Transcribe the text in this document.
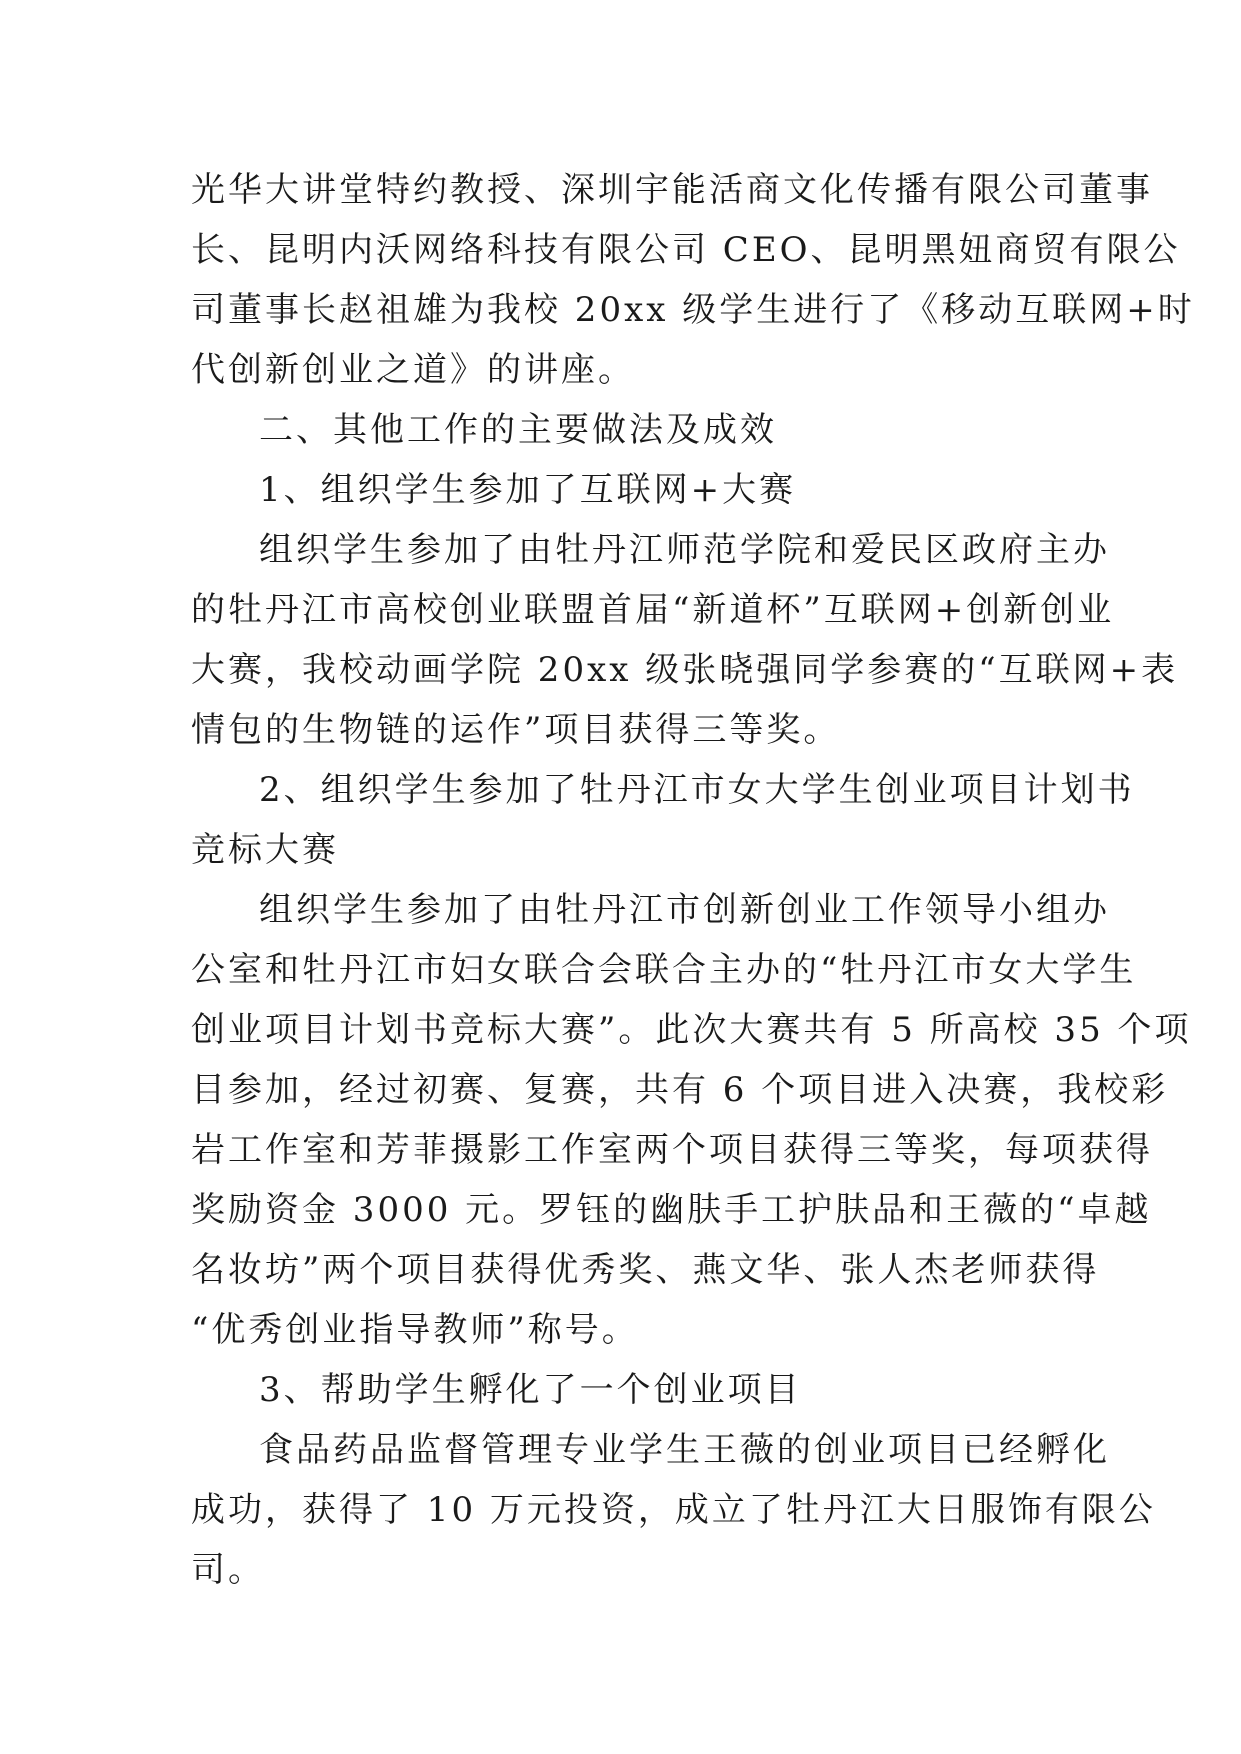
光华大讲堂特约教授、深圳宇能活商文化传播有限公司董事
长、昆明内沃网络科技有限公司 CEO、昆明黑妞商贸有限公
司董事长赵祖雄为我校 20xx 级学生进行了《移动互联网+时
代创新创业之道》的讲座。
二、其他工作的主要做法及成效
1、组织学生参加了互联网+大赛
组织学生参加了由牡丹江师范学院和爱民区政府主办
的牡丹江市高校创业联盟首届“新道杯”互联网+创新创业
大赛，我校动画学院 20xx 级张晓强同学参赛的“互联网+表
情包的生物链的运作”项目获得三等奖。
2、组织学生参加了牡丹江市女大学生创业项目计划书
竞标大赛
组织学生参加了由牡丹江市创新创业工作领导小组办
公室和牡丹江市妇女联合会联合主办的“牡丹江市女大学生
创业项目计划书竞标大赛”。此次大赛共有 5 所高校 35 个项
目参加，经过初赛、复赛，共有 6 个项目进入决赛，我校彩
岩工作室和芳菲摄影工作室两个项目获得三等奖，每项获得
奖励资金 3000 元。罗钰的幽肤手工护肤品和王薇的“卓越
名妆坊”两个项目获得优秀奖、燕文华、张人杰老师获得
“优秀创业指导教师”称号。
3、帮助学生孵化了一个创业项目
食品药品监督管理专业学生王薇的创业项目已经孵化
成功，获得了 10 万元投资，成立了牡丹江大日服饰有限公
司。
